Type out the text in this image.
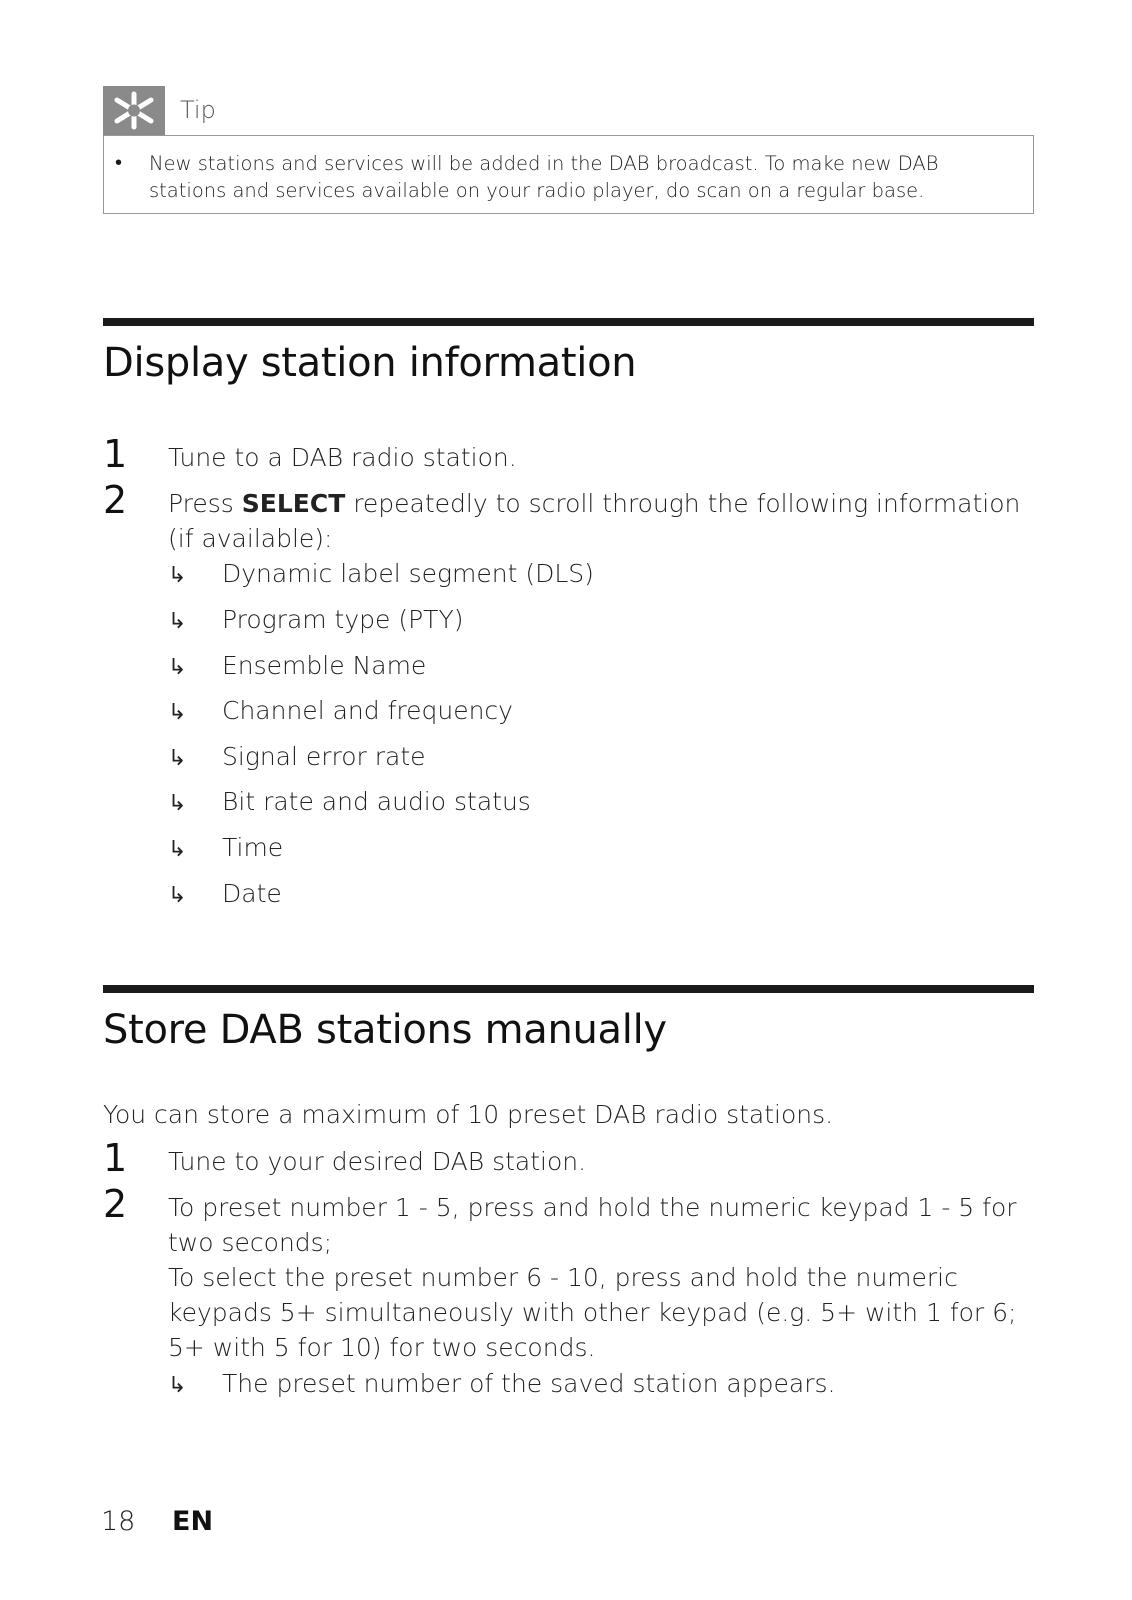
Tip
• New stations and services will be added in the DAB broadcast. To make new DAB stations and services available on your radio player, do scan on a regular base.
Display station information
1 Tune to a DAB radio station.
2 Press SELECT repeatedly to scroll through the following information (if available):
↳ Dynamic label segment (DLS)
↳ Program type (PTY)
↳ Ensemble Name
↳ Channel and frequency
↳ Signal error rate
↳ Bit rate and audio status
↳ Time
↳ Date
Store DAB stations manually
You can store a maximum of 10 preset DAB radio stations.
1 Tune to your desired DAB station.
2 To preset number 1 - 5, press and hold the numeric keypad 1 - 5 for two seconds;
To select the preset number 6 - 10, press and hold the numeric keypads 5+ simultaneously with other keypad (e.g. 5+ with 1 for 6; 5+ with 5 for 10) for two seconds.
↳ The preset number of the saved station appears.
18 EN
